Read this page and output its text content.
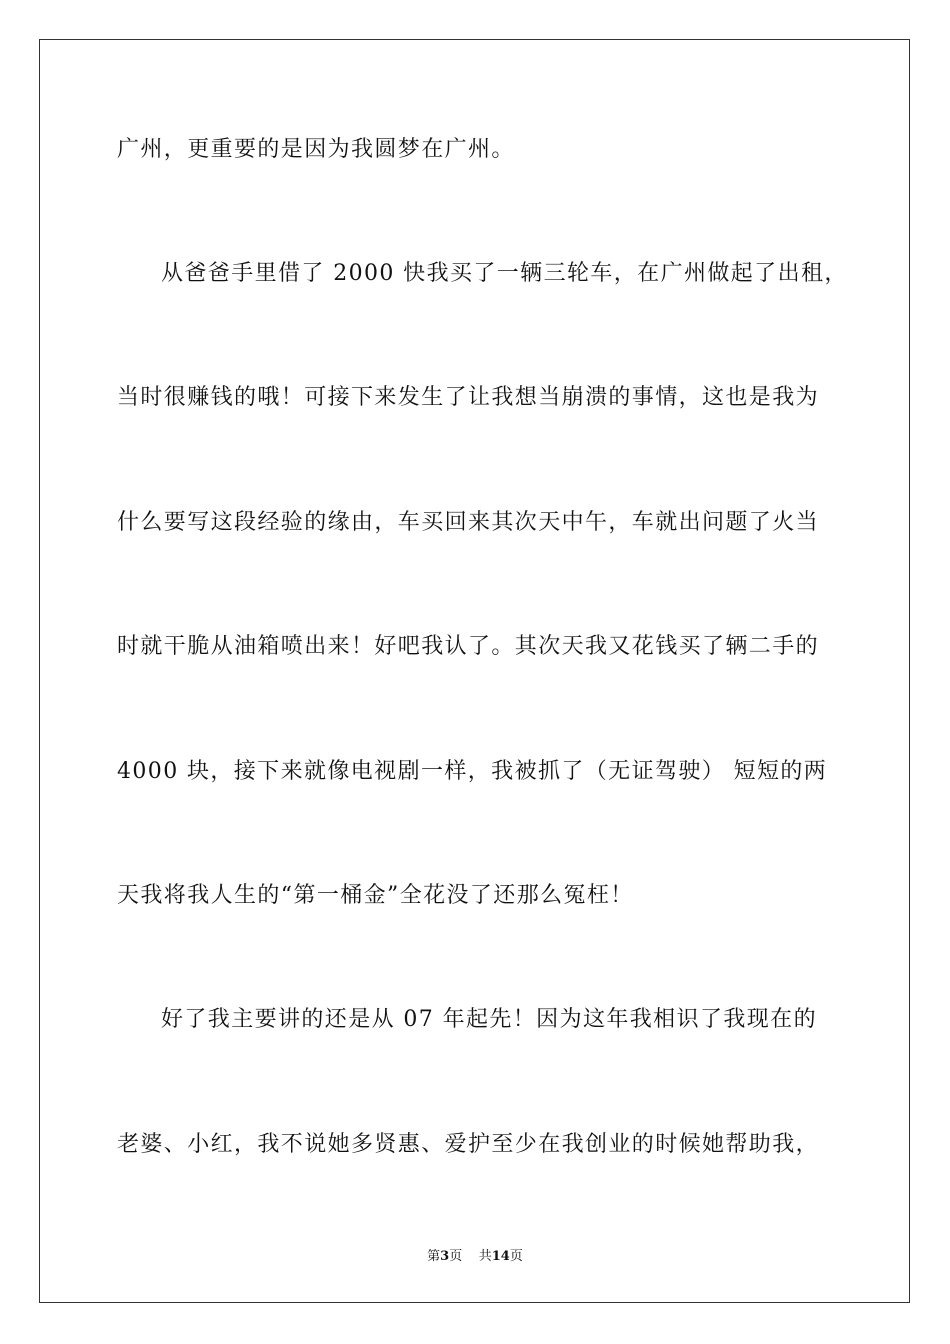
广州，更重要的是因为我圆梦在广州。
从爸爸手里借了 2000 快我买了一辆三轮车，在广州做起了出租，
当时很赚钱的哦！可接下来发生了让我想当崩溃的事情，这也是我为
什么要写这段经验的缘由，车买回来其次天中午，车就出问题了火当
时就干脆从油箱喷出来！好吧我认了。其次天我又花钱买了辆二手的
4000 块，接下来就像电视剧一样，我被抓了（无证驾驶） 短短的两
天我将我人生的“第一桶金”全花没了还那么冤枉！
好了我主要讲的还是从 07 年起先！因为这年我相识了我现在的
老婆、小红，我不说她多贤惠、爱护至少在我创业的时候她帮助我，
第3页 共14页
